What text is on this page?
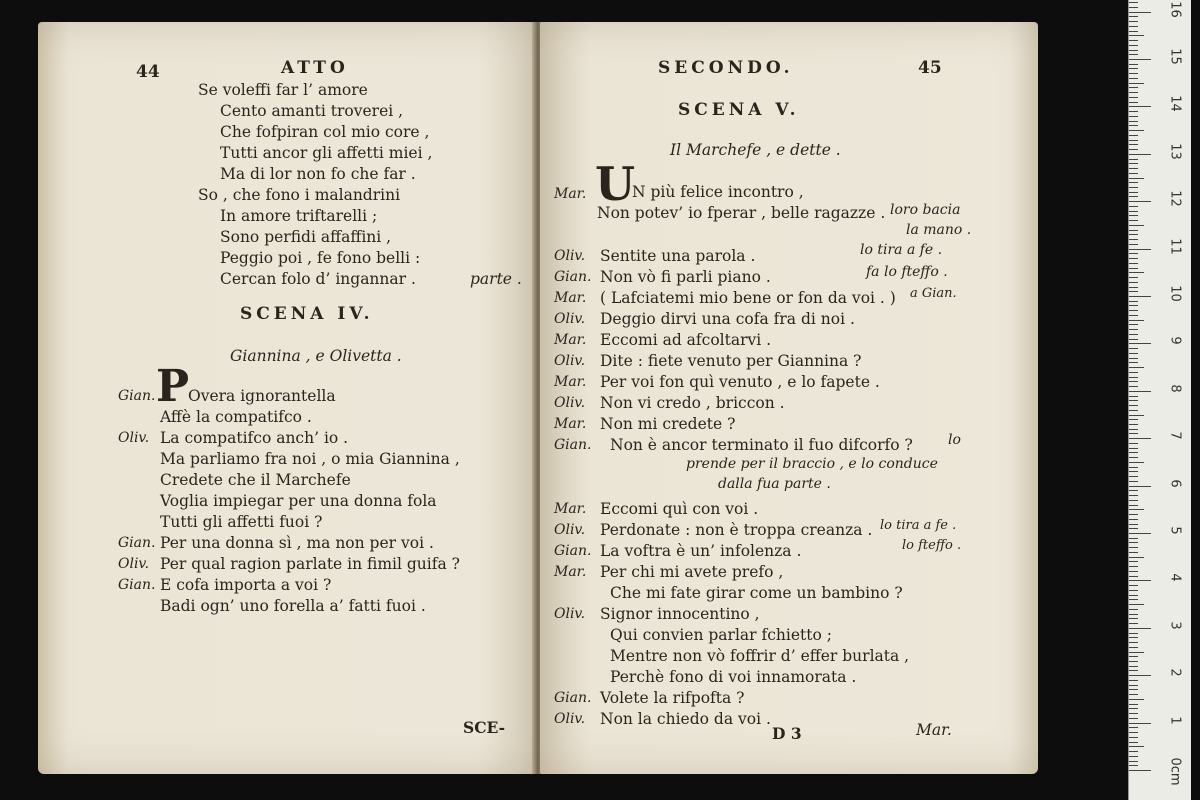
44	ATTO
Se voleffi far l’ amore
Cento amanti troverei ,
Che fofpiran col mio core ,
Tutti ancor gli affetti miei ,
Ma di lor non fo che far .
So , che fono i malandrini
In amore triftarelli ;
Sono perfidi affaffini ,
Peggio poi , fe fono belli :
Cercan folo d’ ingannar .	parte .
SCENA IV.
Giannina , e Olivetta .
P
Gian. Overa ignorantella
Affè la compatifco .
Oliv. La compatifco anch’ io .
Ma parliamo fra noi , o mia Giannina ,
Credete che il Marchefe
Voglia impiegar per una donna fola
Tutti gli affetti fuoi ?
Gian. Per una donna sì , ma non per voi .
Oliv. Per qual ragion parlate in fimil guifa ?
Gian. E cofa importa a voi ?
Badi ogn’ uno forella a’ fatti fuoi .
SCE-
SECONDO.	45
SCENA V.
Il Marchefe , e dette .
U
Mar.	N più felice incontro ,
Non potev’ io fperar , belle ragazze . loro bacia
la mano .
Oliv. Sentite una parola .	lo tira a fe .
Gian. Non vò fi parli piano .	fa lo fteffo .
Mar. ( Lafciatemi mio bene or fon da voi . ) a Gian.
Oliv. Deggio dirvi una cofa fra di noi .
Mar. Eccomi ad afcoltarvi .
Oliv. Dite : fiete venuto per Giannina ?
Mar. Per voi fon quì venuto , e lo fapete .
Oliv. Non vi credo , briccon .
Mar. Non mi credete ?
Gian. Non è ancor terminato il fuo difcorfo ?	lo
prende per il braccio , e lo conduce
dalla fua parte .
Mar. Eccomi quì con voi .
Oliv. Perdonate : non è troppa creanza . lo tira a fe .
Gian. La voftra è un’ infolenza .	lo fteffo .
Mar. Per chi mi avete prefo ,
Che mi fate girar come un bambino ?
Oliv. Signor innocentino ,
Qui convien parlar fchietto ;
Mentre non vò foffrir d’ effer burlata ,
Perchè fono di voi innamorata .
Gian. Volete la rifpofta ?
Oliv. Non la chiedo da voi .
D 3	Mar.
0cm
1
2
3
4
5
6
7
8
9
10
11
12
13
14
15
16
